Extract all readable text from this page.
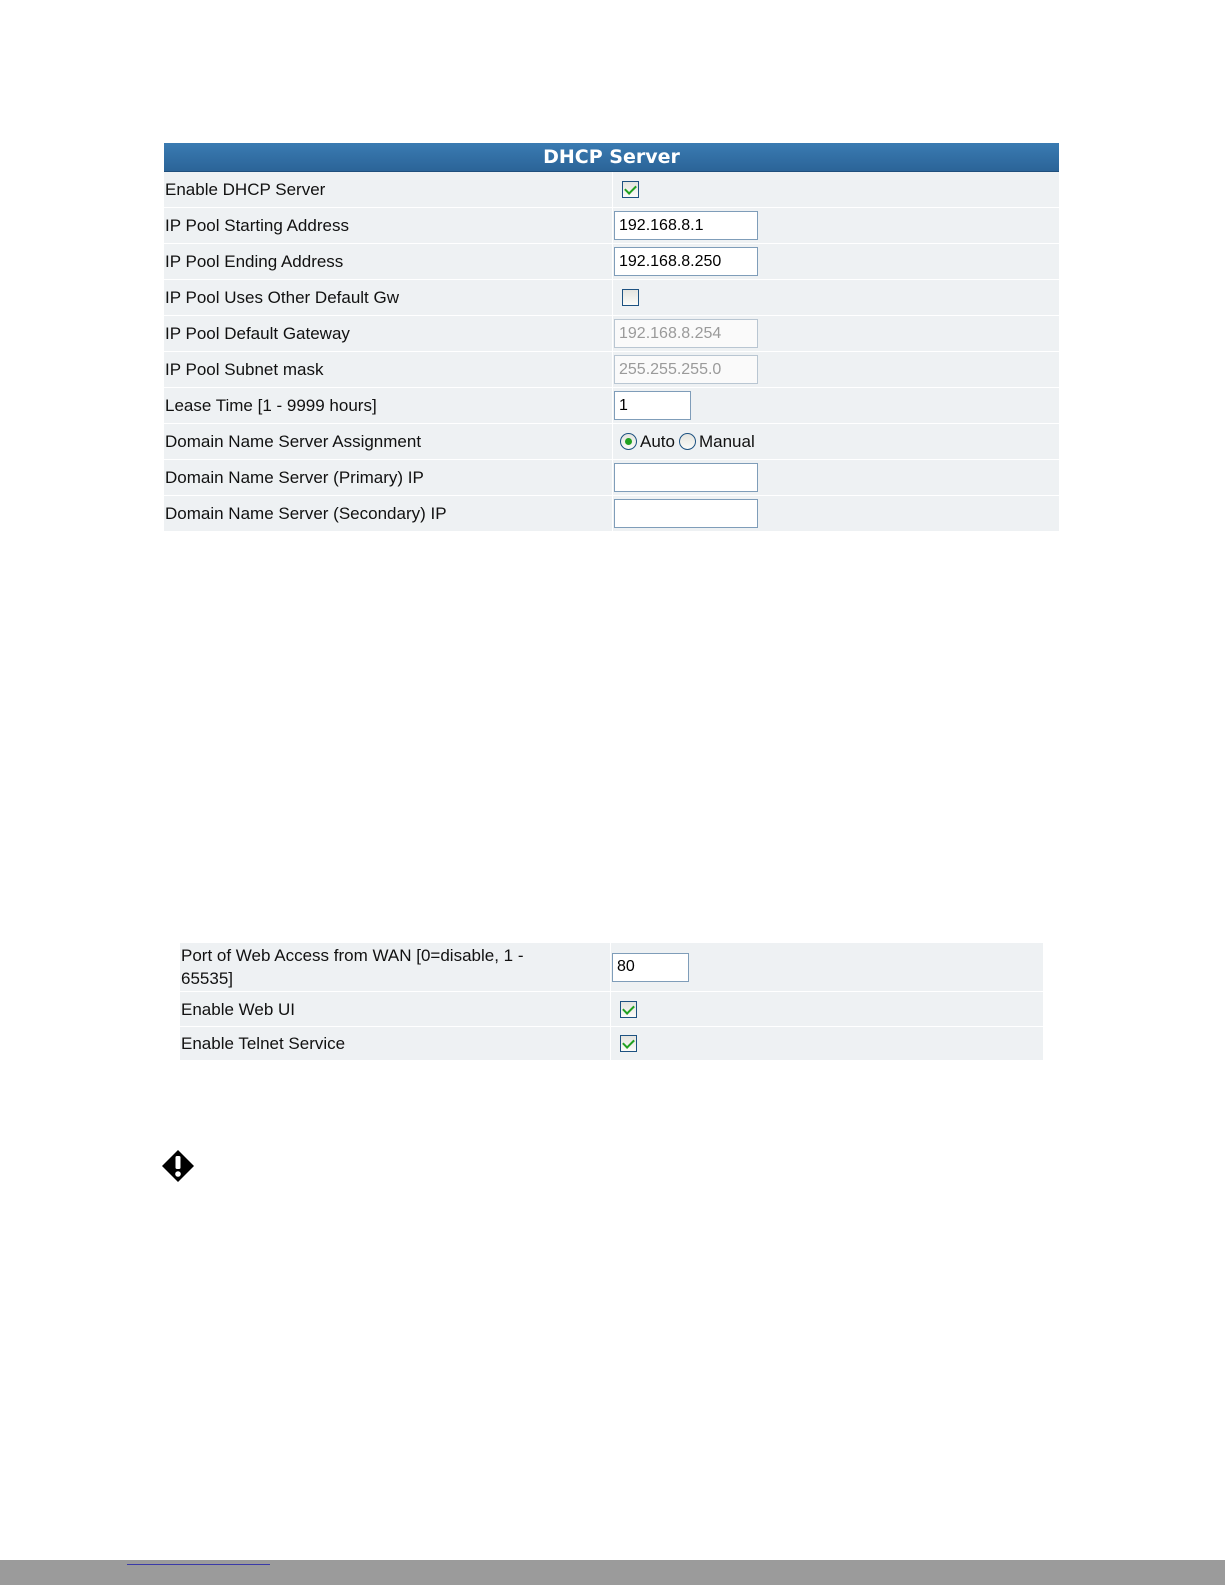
DHCP Server
Enable DHCP Server
IP Pool Starting Address
192.168.8.1
IP Pool Ending Address
192.168.8.250
IP Pool Uses Other Default Gw
IP Pool Default Gateway
192.168.8.254
IP Pool Subnet mask
255.255.255.0
Lease Time [1 - 9999 hours]
1
Domain Name Server Assignment	Auto Manual
Domain Name Server (Primary) IP
Domain Name Server (Secondary) IP
Port of Web Access from WAN [0=disable, 1 -
65535]
80
Enable Web UI
Enable Telnet Service
